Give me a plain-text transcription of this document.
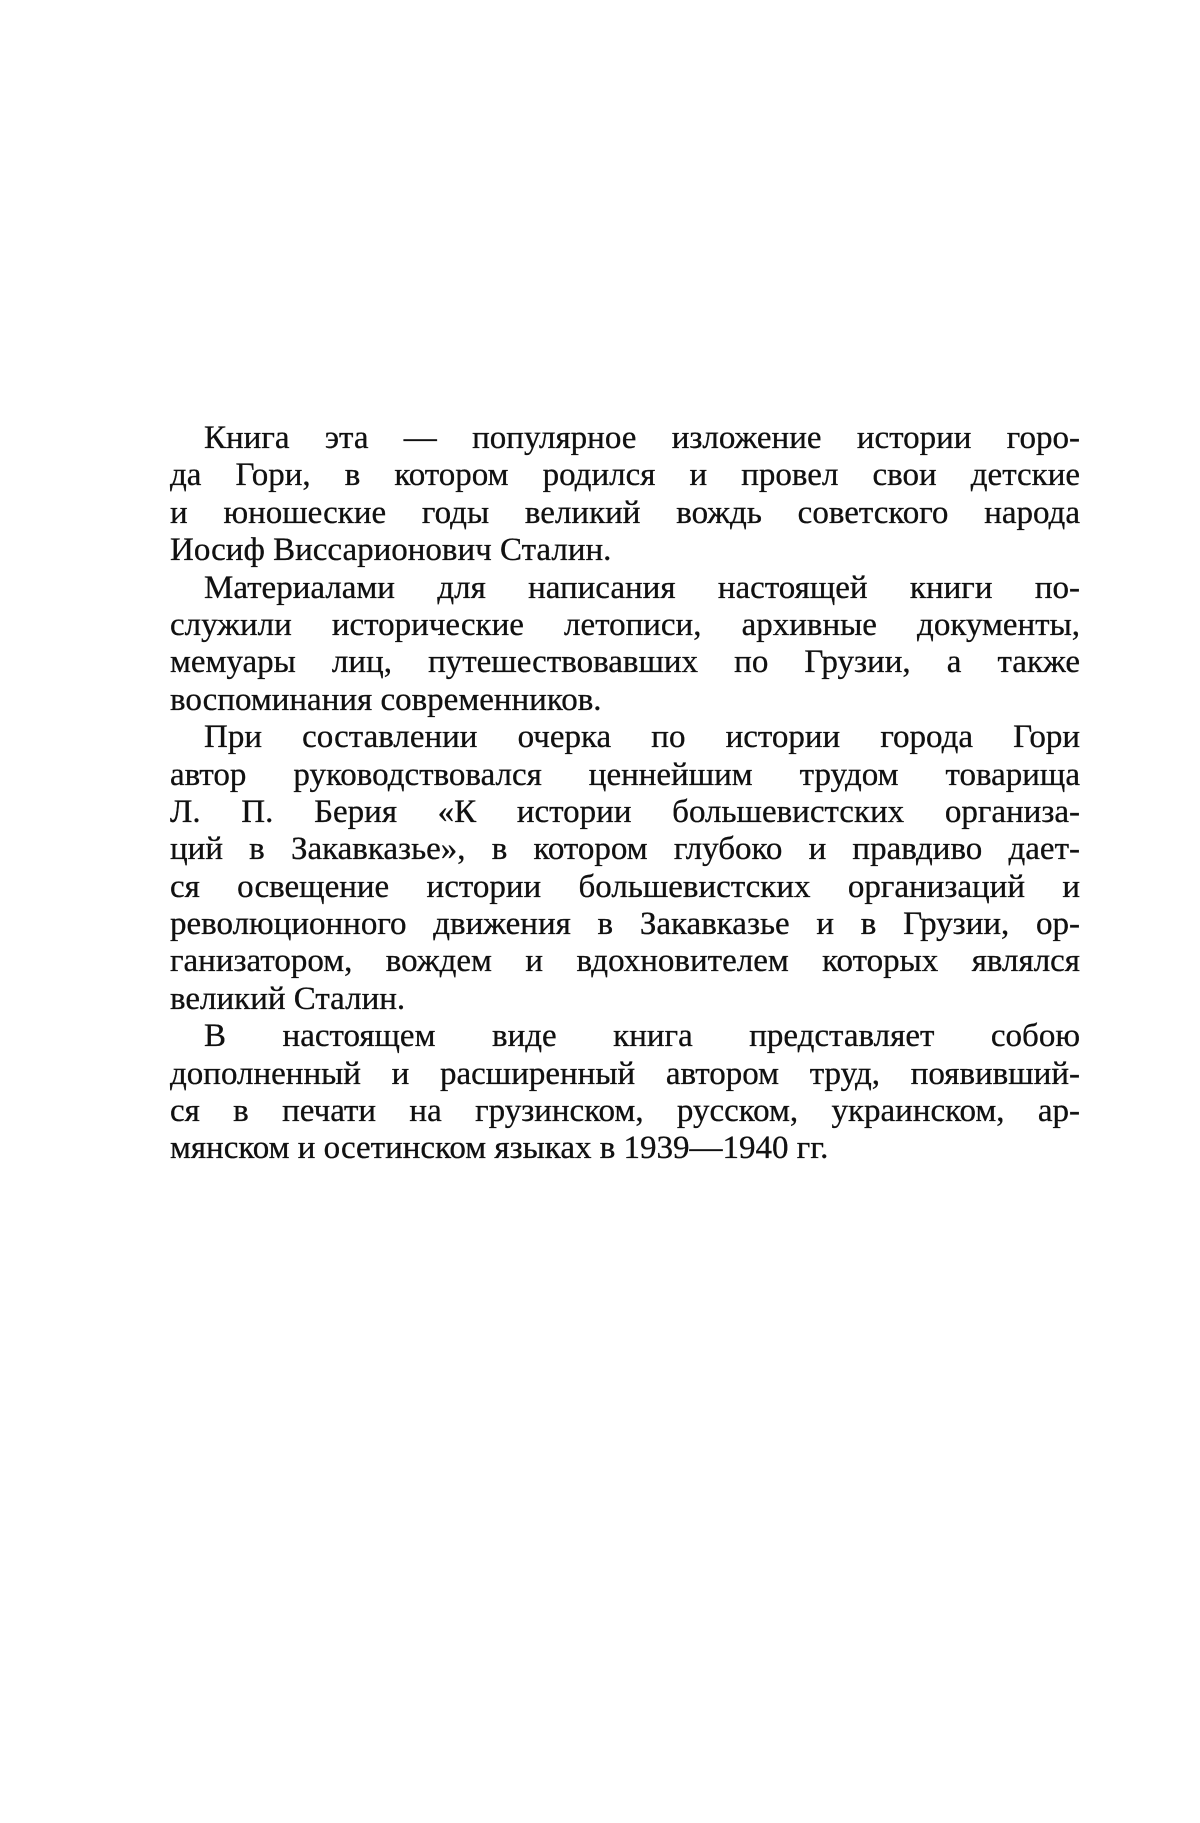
Книга эта — популярное изложение истории горо-
да Гори, в котором родился и провел свои детские
и юношеские годы великий вождь советского народа
Иосиф Виссарионович Сталин.
Материалами для написания настоящей книги по-
служили исторические летописи, архивные документы,
мемуары лиц, путешествовавших по Грузии, а также
воспоминания современников.
При составлении очерка по истории города Гори
автор руководствовался ценнейшим трудом товарища
Л. П. Берия «К истории большевистских организа-
ций в Закавказье», в котором глубоко и правдиво дает-
ся освещение истории большевистских организаций и
революционного движения в Закавказье и в Грузии, ор-
ганизатором, вождем и вдохновителем которых являлся
великий Сталин.
В настоящем виде книга представляет собою
дополненный и расширенный автором труд, появивший-
ся в печати на грузинском, русском, украинском, ар-
мянском и осетинском языках в 1939—1940 гг.
